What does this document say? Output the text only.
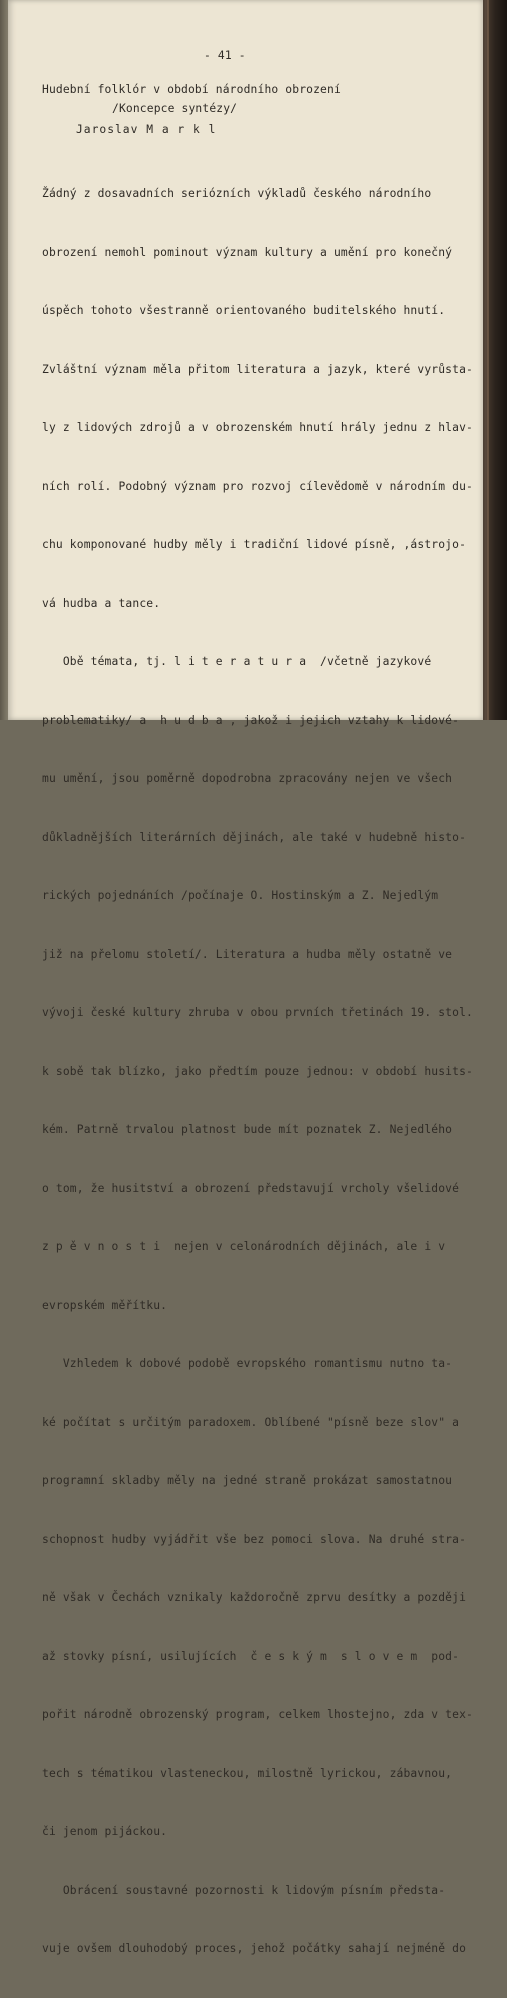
- 41 -

Hudební folklór v období národního obrození

/Koncepce syntézy/

Jaroslav M a r k l

Žádný z dosavadních seriózních výkladů českého národního

obrození nemohl pominout význam kultury a umění pro konečný

úspěch tohoto všestranně orientovaného buditelského hnutí.

Zvláštní význam měla přitom literatura a jazyk, které vyrůsta-

ly z lidových zdrojů a v obrozenském hnutí hrály jednu z hlav-

ních rolí. Podobný význam pro rozvoj cílevědomě v národním du-

chu komponované hudby měly i tradiční lidové písně, ,ástrojo-

vá hudba a tance.

Obě témata, tj. l i t e r a t u r a  /včetně jazykové

problematiky/ a  h u d b a , jakož i jejich vztahy k lidové-

mu umění, jsou poměrně dopodrobna zpracovány nejen ve všech

důkladnějších literárních dějinách, ale také v hudebně histo-

rických pojednáních /počínaje O. Hostinským a Z. Nejedlým

již na přelomu století/. Literatura a hudba měly ostatně ve

vývoji české kultury zhruba v obou prvních třetinách 19. stol.

k sobě tak blízko, jako předtím pouze jednou: v období husits-

kém. Patrně trvalou platnost bude mít poznatek Z. Nejedlého

o tom, že husitství a obrození představují vrcholy všelidové

z p ě v n o s t i  nejen v celonárodních dějinách, ale i v

evropském měřítku.

Vzhledem k dobové podobě evropského romantismu nutno ta-

ké počítat s určitým paradoxem. Oblíbené "písně beze slov" a

programní skladby měly na jedné straně prokázat samostatnou

schopnost hudby vyjádřit vše bez pomoci slova. Na druhé stra-

ně však v Čechách vznikaly každoročně zprvu desítky a později

až stovky písní, usilujících  č e s k ý m  s l o v e m  pod-

pořit národně obrozenský program, celkem lhostejno, zda v tex-

tech s tématikou vlasteneckou, milostně lyrickou, zábavnou,

či jenom pijáckou.

Obrácení soustavné pozornosti k lidovým písním předsta-

vuje ovšem dlouhodobý proces, jehož počátky sahají nejméně do
